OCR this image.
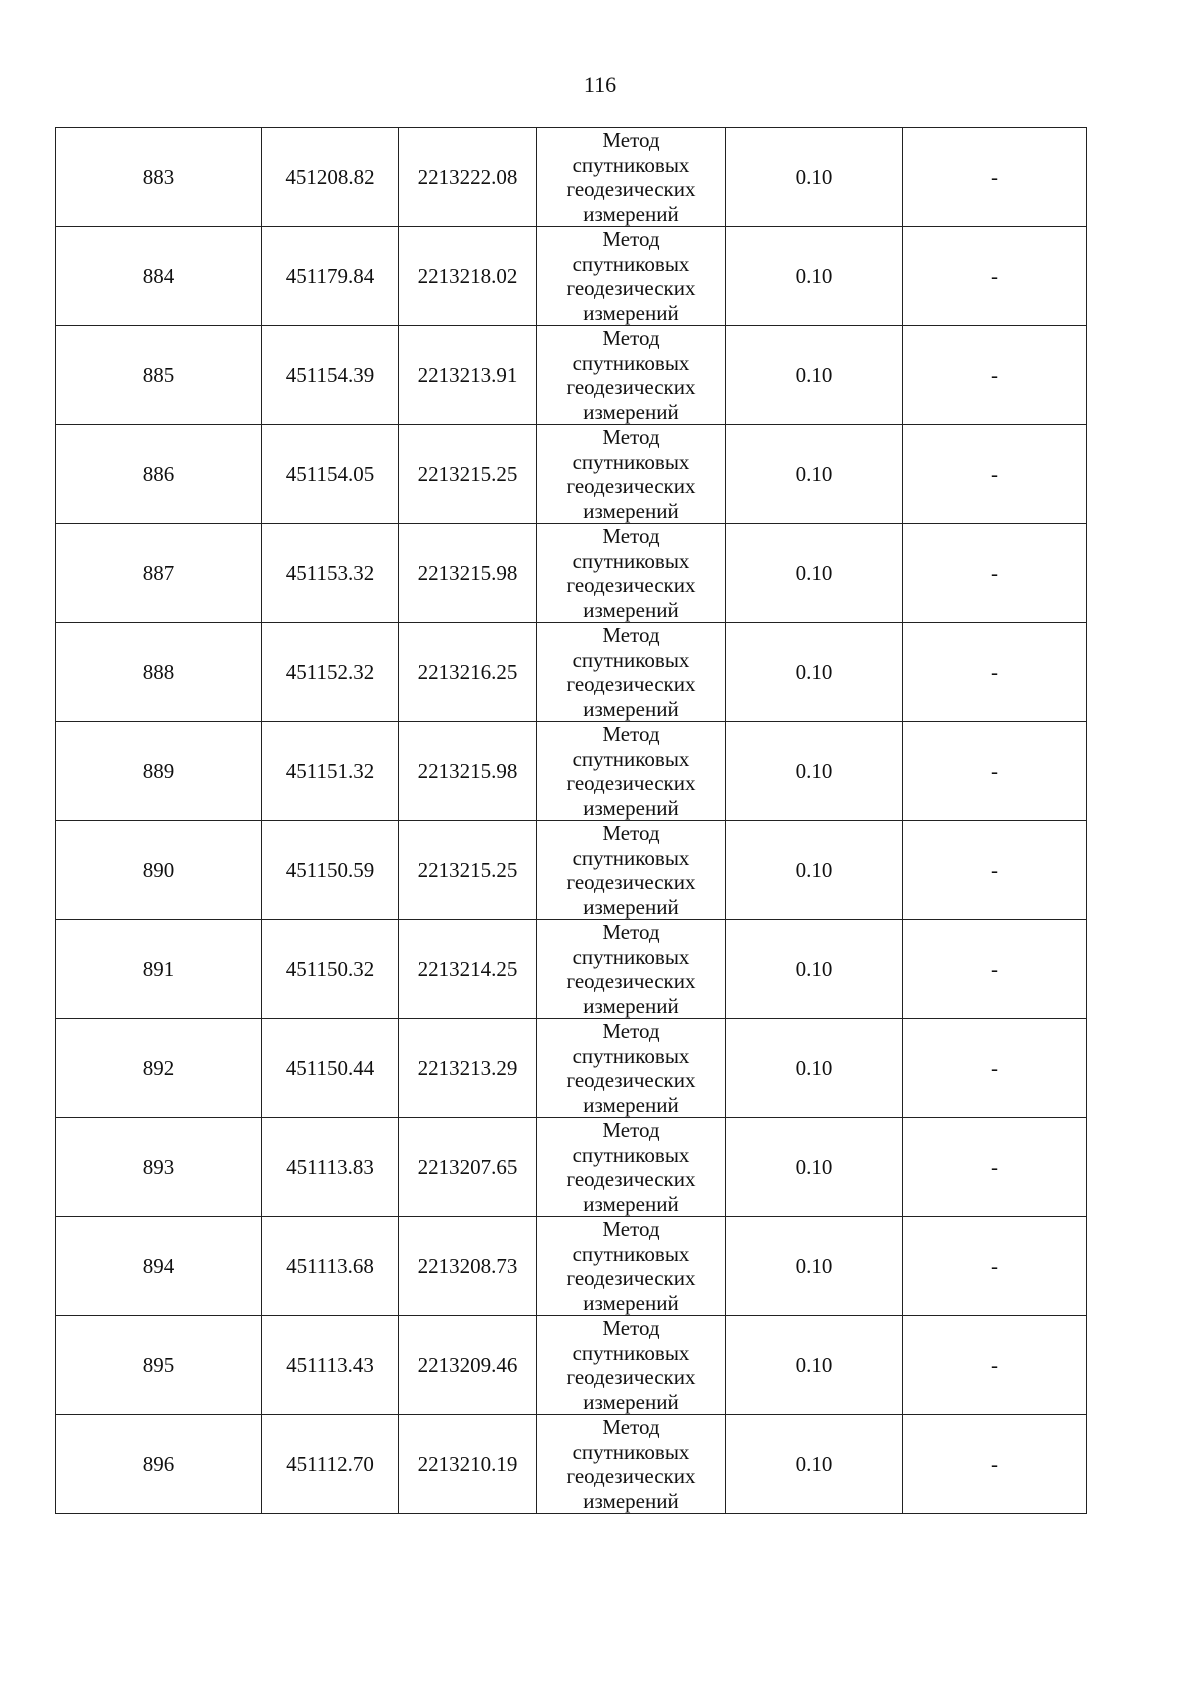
116
883	451208.82	2213222.08	Метод
спутниковых
геодезических
измерений	0.10	-
884	451179.84	2213218.02	Метод
спутниковых
геодезических
измерений	0.10	-
885	451154.39	2213213.91	Метод
спутниковых
геодезических
измерений	0.10	-
886	451154.05	2213215.25	Метод
спутниковых
геодезических
измерений	0.10	-
887	451153.32	2213215.98	Метод
спутниковых
геодезических
измерений	0.10	-
888	451152.32	2213216.25	Метод
спутниковых
геодезических
измерений	0.10	-
889	451151.32	2213215.98	Метод
спутниковых
геодезических
измерений	0.10	-
890	451150.59	2213215.25	Метод
спутниковых
геодезических
измерений	0.10	-
891	451150.32	2213214.25	Метод
спутниковых
геодезических
измерений	0.10	-
892	451150.44	2213213.29	Метод
спутниковых
геодезических
измерений	0.10	-
893	451113.83	2213207.65	Метод
спутниковых
геодезических
измерений	0.10	-
894	451113.68	2213208.73	Метод
спутниковых
геодезических
измерений	0.10	-
895	451113.43	2213209.46	Метод
спутниковых
геодезических
измерений	0.10	-
896	451112.70	2213210.19	Метод
спутниковых
геодезических
измерений	0.10	-
